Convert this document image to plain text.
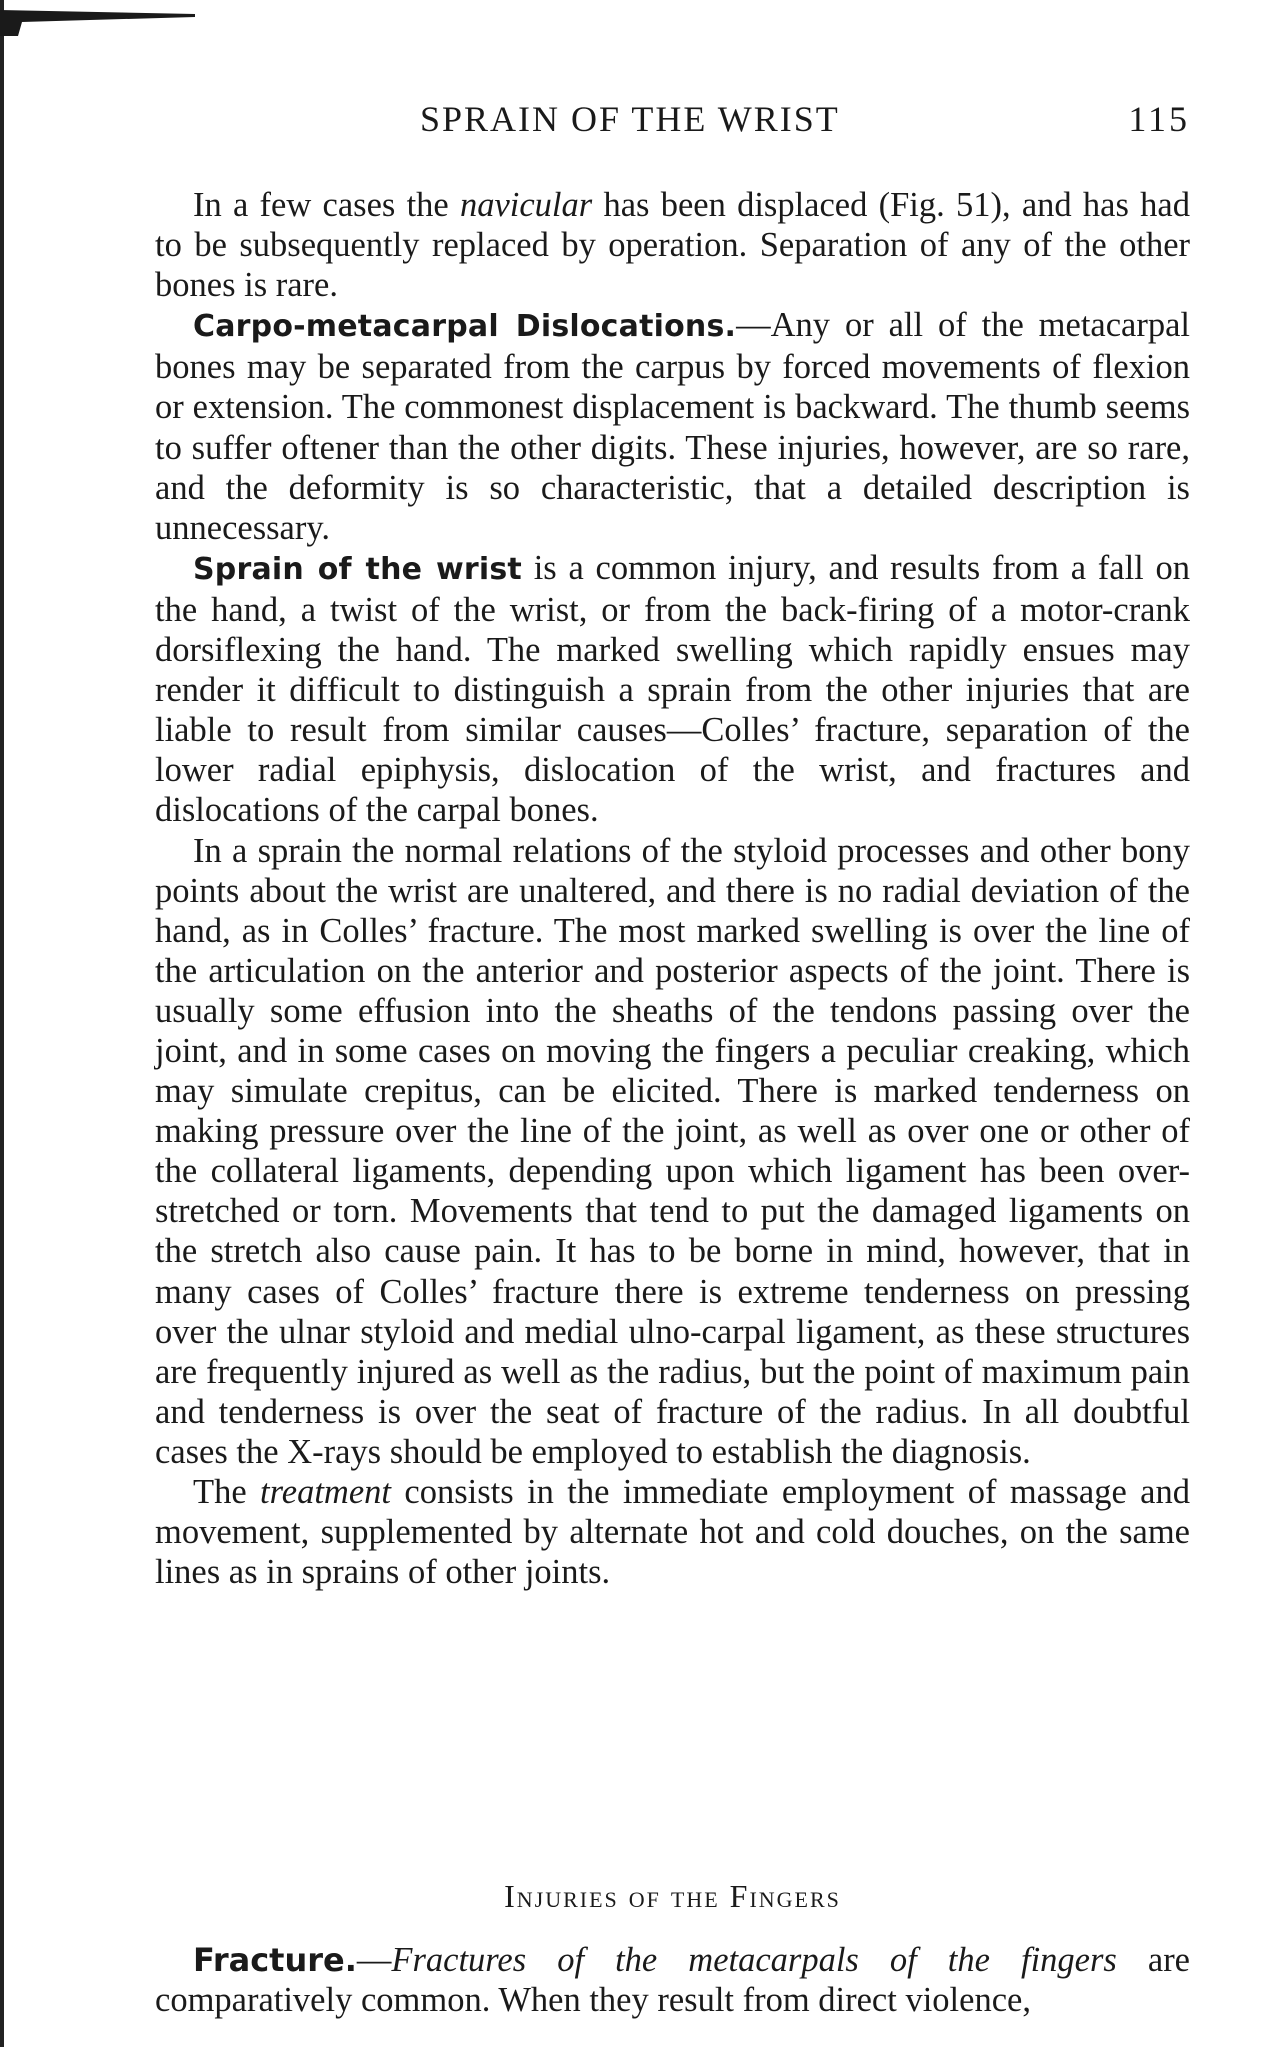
SPRAIN OF THE WRIST	115

In a few cases the navicular has been displaced (Fig. 51), and has had to be subsequently replaced by operation. Separation of any of the other bones is rare.

Carpo-metacarpal Dislocations.—Any or all of the metacarpal bones may be separated from the carpus by forced movements of flexion or extension. The commonest displacement is backward. The thumb seems to suffer oftener than the other digits. These injuries, however, are so rare, and the deformity is so characteristic, that a detailed description is unnecessary.

Sprain of the wrist is a common injury, and results from a fall on the hand, a twist of the wrist, or from the back-firing of a motor-crank dorsiflexing the hand. The marked swelling which rapidly ensues may render it difficult to distinguish a sprain from the other injuries that are liable to result from similar causes—Colles’ fracture, separation of the lower radial epiphysis, dislocation of the wrist, and fractures and dislocations of the carpal bones.

In a sprain the normal relations of the styloid processes and other bony points about the wrist are unaltered, and there is no radial deviation of the hand, as in Colles’ fracture. The most marked swelling is over the line of the articulation on the anterior and posterior aspects of the joint. There is usually some effusion into the sheaths of the tendons passing over the joint, and in some cases on moving the fingers a peculiar creaking, which may simulate crepitus, can be elicited. There is marked tenderness on making pressure over the line of the joint, as well as over one or other of the collateral ligaments, depending upon which ligament has been over-stretched or torn. Movements that tend to put the damaged ligaments on the stretch also cause pain. It has to be borne in mind, however, that in many cases of Colles’ fracture there is extreme tenderness on pressing over the ulnar styloid and medial ulno-carpal ligament, as these structures are frequently injured as well as the radius, but the point of maximum pain and tenderness is over the seat of fracture of the radius. In all doubtful cases the X-rays should be employed to establish the diagnosis.

The treatment consists in the immediate employment of massage and movement, supplemented by alternate hot and cold douches, on the same lines as in sprains of other joints.

Injuries of the Fingers

Fracture.—Fractures of the metacarpals of the fingers are comparatively common. When they result from direct violence,
